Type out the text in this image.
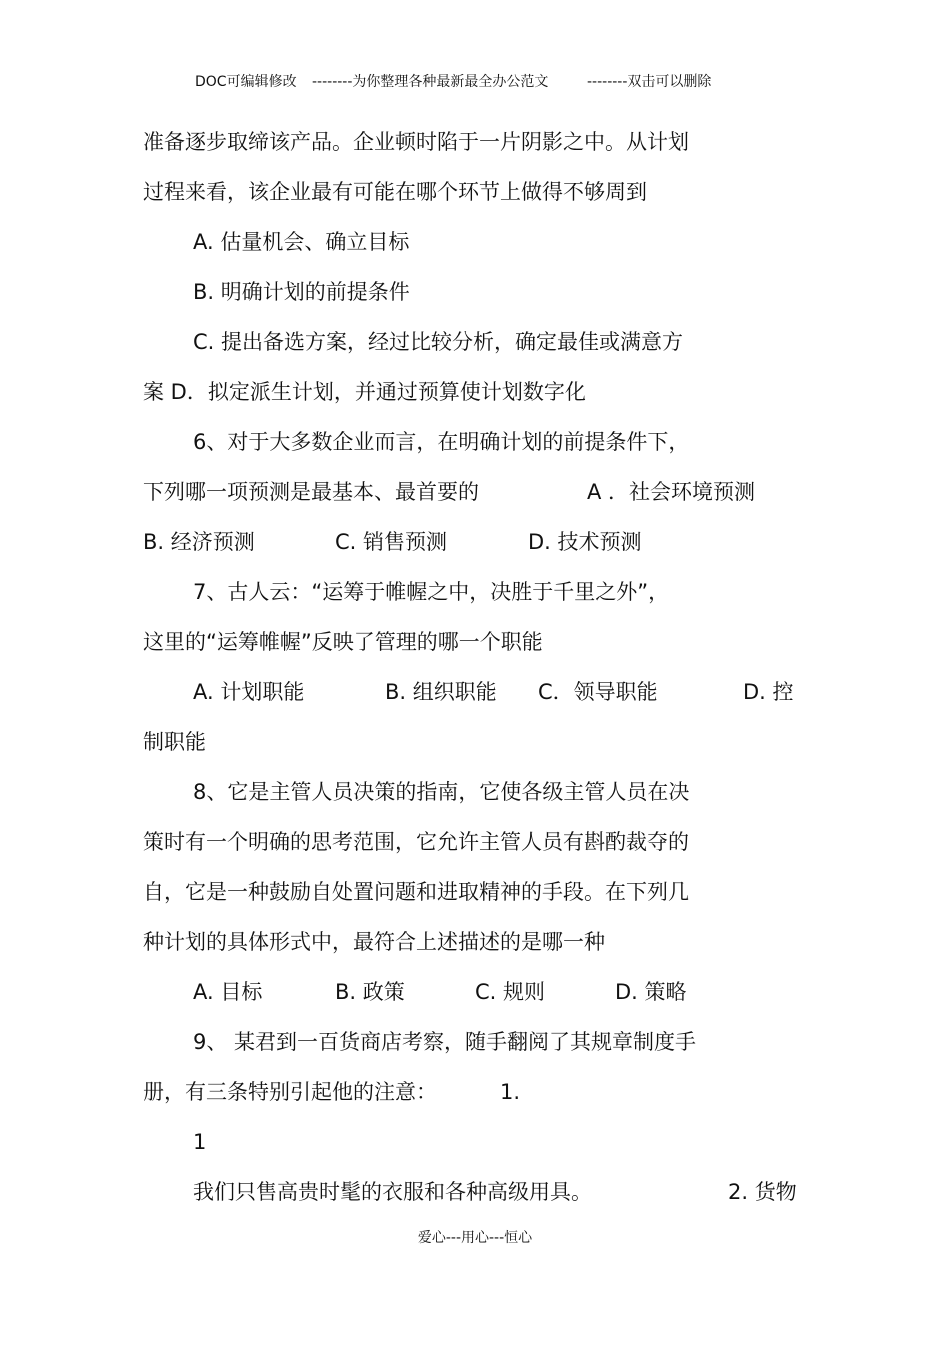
DOC可编辑修改 --------为你整理各种最新最全办公范文	--------双击可以删除
准备逐步取缔该产品。企业顿时陷于一片阴影之中。从计划
过程来看，该企业最有可能在哪个环节上做得不够周到
A. 估量机会、确立目标
B. 明确计划的前提条件
C. 提出备选方案，经过比较分析，确定最佳或满意方
案 D．拟定派生计划，并通过预算使计划数字化
6、对于大多数企业而言，在明确计划的前提条件下，
下列哪一项预测是最基本、最首要的	A ．社会环境预测
B. 经济预测	C. 销售预测	D. 技术预测
7、古人云：“运筹于帷幄之中，决胜于千里之外”，
这里的“运筹帷幄”反映了管理的哪一个职能
A. 计划职能	B. 组织职能 C．领导职能	D. 控
制职能
8、它是主管人员决策的指南，它使各级主管人员在决
策时有一个明确的思考范围，它允许主管人员有斟酌裁夺的
自，它是一种鼓励自处置问题和进取精神的手段。在下列几
种计划的具体形式中，最符合上述描述的是哪一种
A. 目标	B. 政策	C. 规则	D. 策略
9、 某君到一百货商店考察，随手翻阅了其规章制度手
册，有三条特别引起他的注意：	1.
1
我们只售高贵时髦的衣服和各种高级用具。	2. 货物
爱心---用心---恒心
